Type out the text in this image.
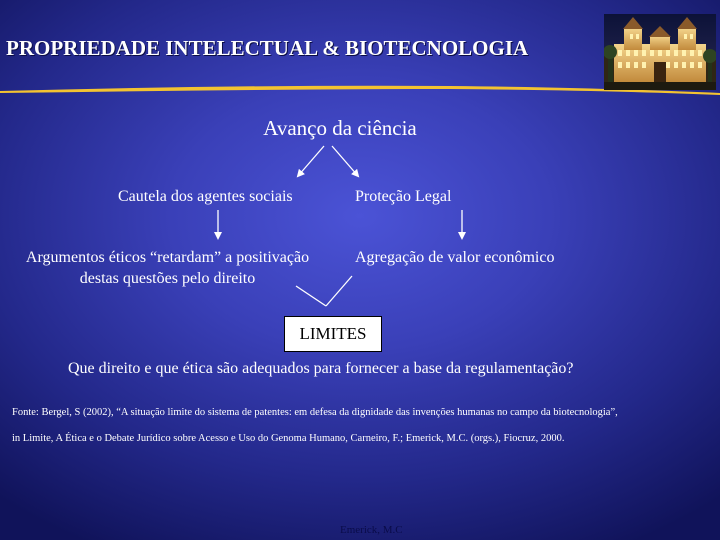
PROPRIEDADE INTELECTUAL & BIOTECNOLOGIA
Avanço da ciência
Cautela dos agentes sociais	Proteção Legal
Argumentos éticos “retardam” a positivação
destas questões pelo direito
Agregação de valor econômico
LIMITES
Que direito e que ética são adequados para fornecer a base da regulamentação?
Fonte: Bergel, S (2002), “A situação limite do sistema de patentes: em defesa da dignidade das invenções humanas no campo da biotecnologia”,
in Limite, A Ética e o Debate Jurídico sobre Acesso e Uso do Genoma Humano, Carneiro, F.; Emerick, M.C. (orgs.), Fiocruz, 2000.
Emerick, M.C
